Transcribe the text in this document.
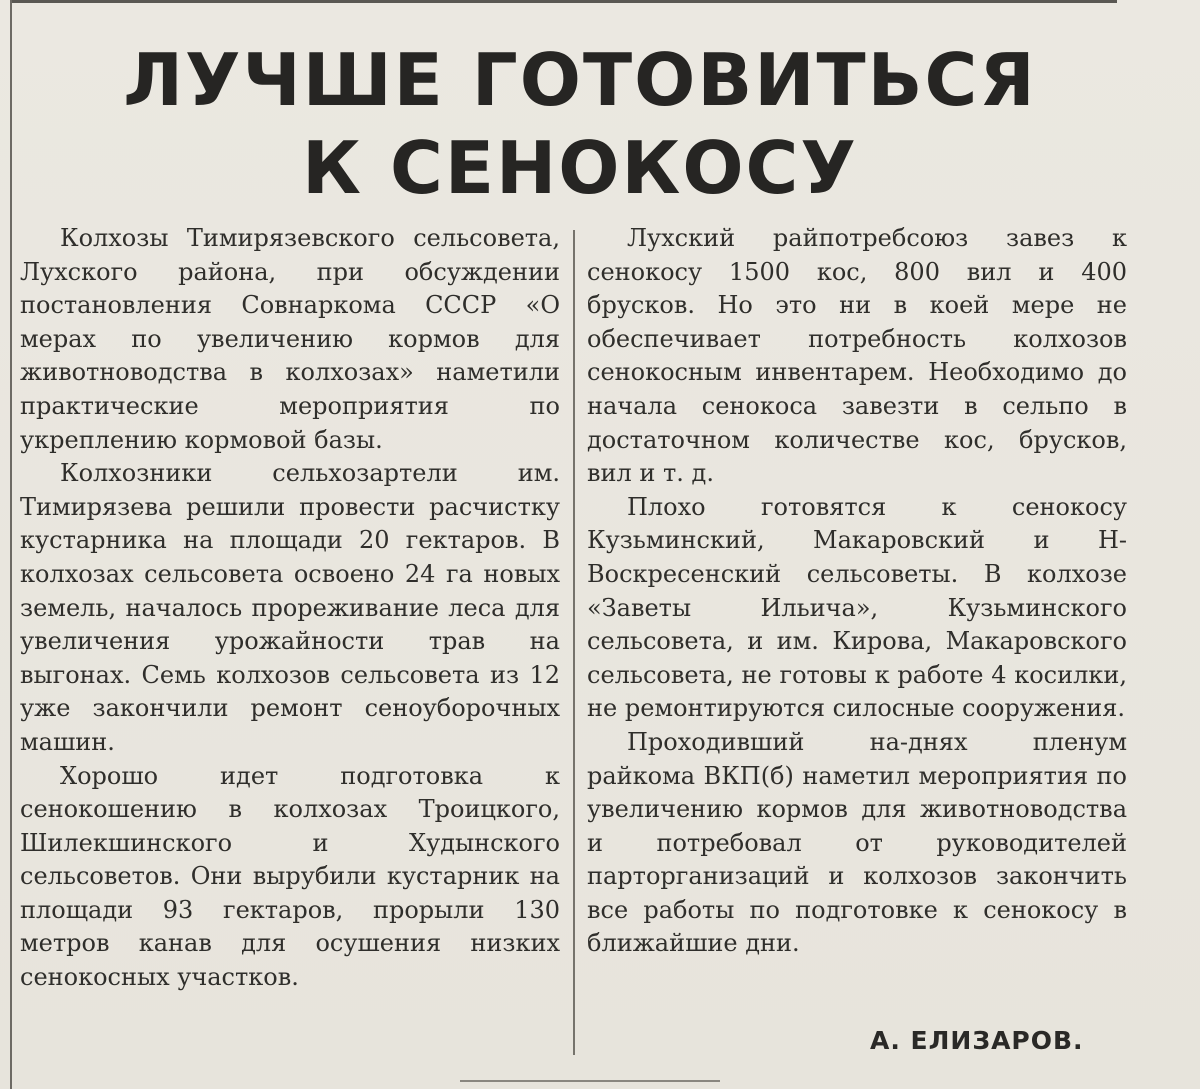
ЛУЧШЕ ГОТОВИТЬСЯ
К СЕНОКОСУ

Колхозы Тимирязевского сельсовета, Лухского района, при обсуждении постановления Совнаркома СССР «О мерах по увеличению кормов для животноводства в колхозах» наметили практические мероприятия по укреплению кормовой базы.

Колхозники сельхозартели им. Тимирязева решили провести расчистку кустарника на площади 20 гектаров. В колхозах сельсовета освоено 24 га новых земель, началось прореживание леса для увеличения урожайности трав на выгонах. Семь колхозов сельсовета из 12 уже закончили ремонт сеноуборочных машин.

Хорошо идет подготовка к сенокошению в колхозах Троицкого, Шилекшинского и Худынского сельсоветов. Они вырубили кустарник на площади 93 гектаров, прорыли 130 метров канав для осушения низких сенокосных участков.

Лухский райпотребсоюз завез к сенокосу 1500 кос, 800 вил и 400 брусков. Но это ни в коей мере не обеспечивает потребность колхозов сенокосным инвентарем. Необходимо до начала сенокоса завезти в сельпо в достаточном количестве кос, брусков, вил и т. д.

Плохо готовятся к сенокосу Кузьминский, Макаровский и Н-Воскресенский сельсоветы. В колхозе «Заветы Ильича», Кузьминского сельсовета, и им. Кирова, Макаровского сельсовета, не готовы к работе 4 косилки, не ремонтируются силосные сооружения.

Проходивший на-днях пленум райкома ВКП(б) наметил мероприятия по увеличению кормов для животноводства и потребовал от руководителей парторганизаций и колхозов закончить все работы по подготовке к сенокосу в ближайшие дни.

А. ЕЛИЗАРОВ.
